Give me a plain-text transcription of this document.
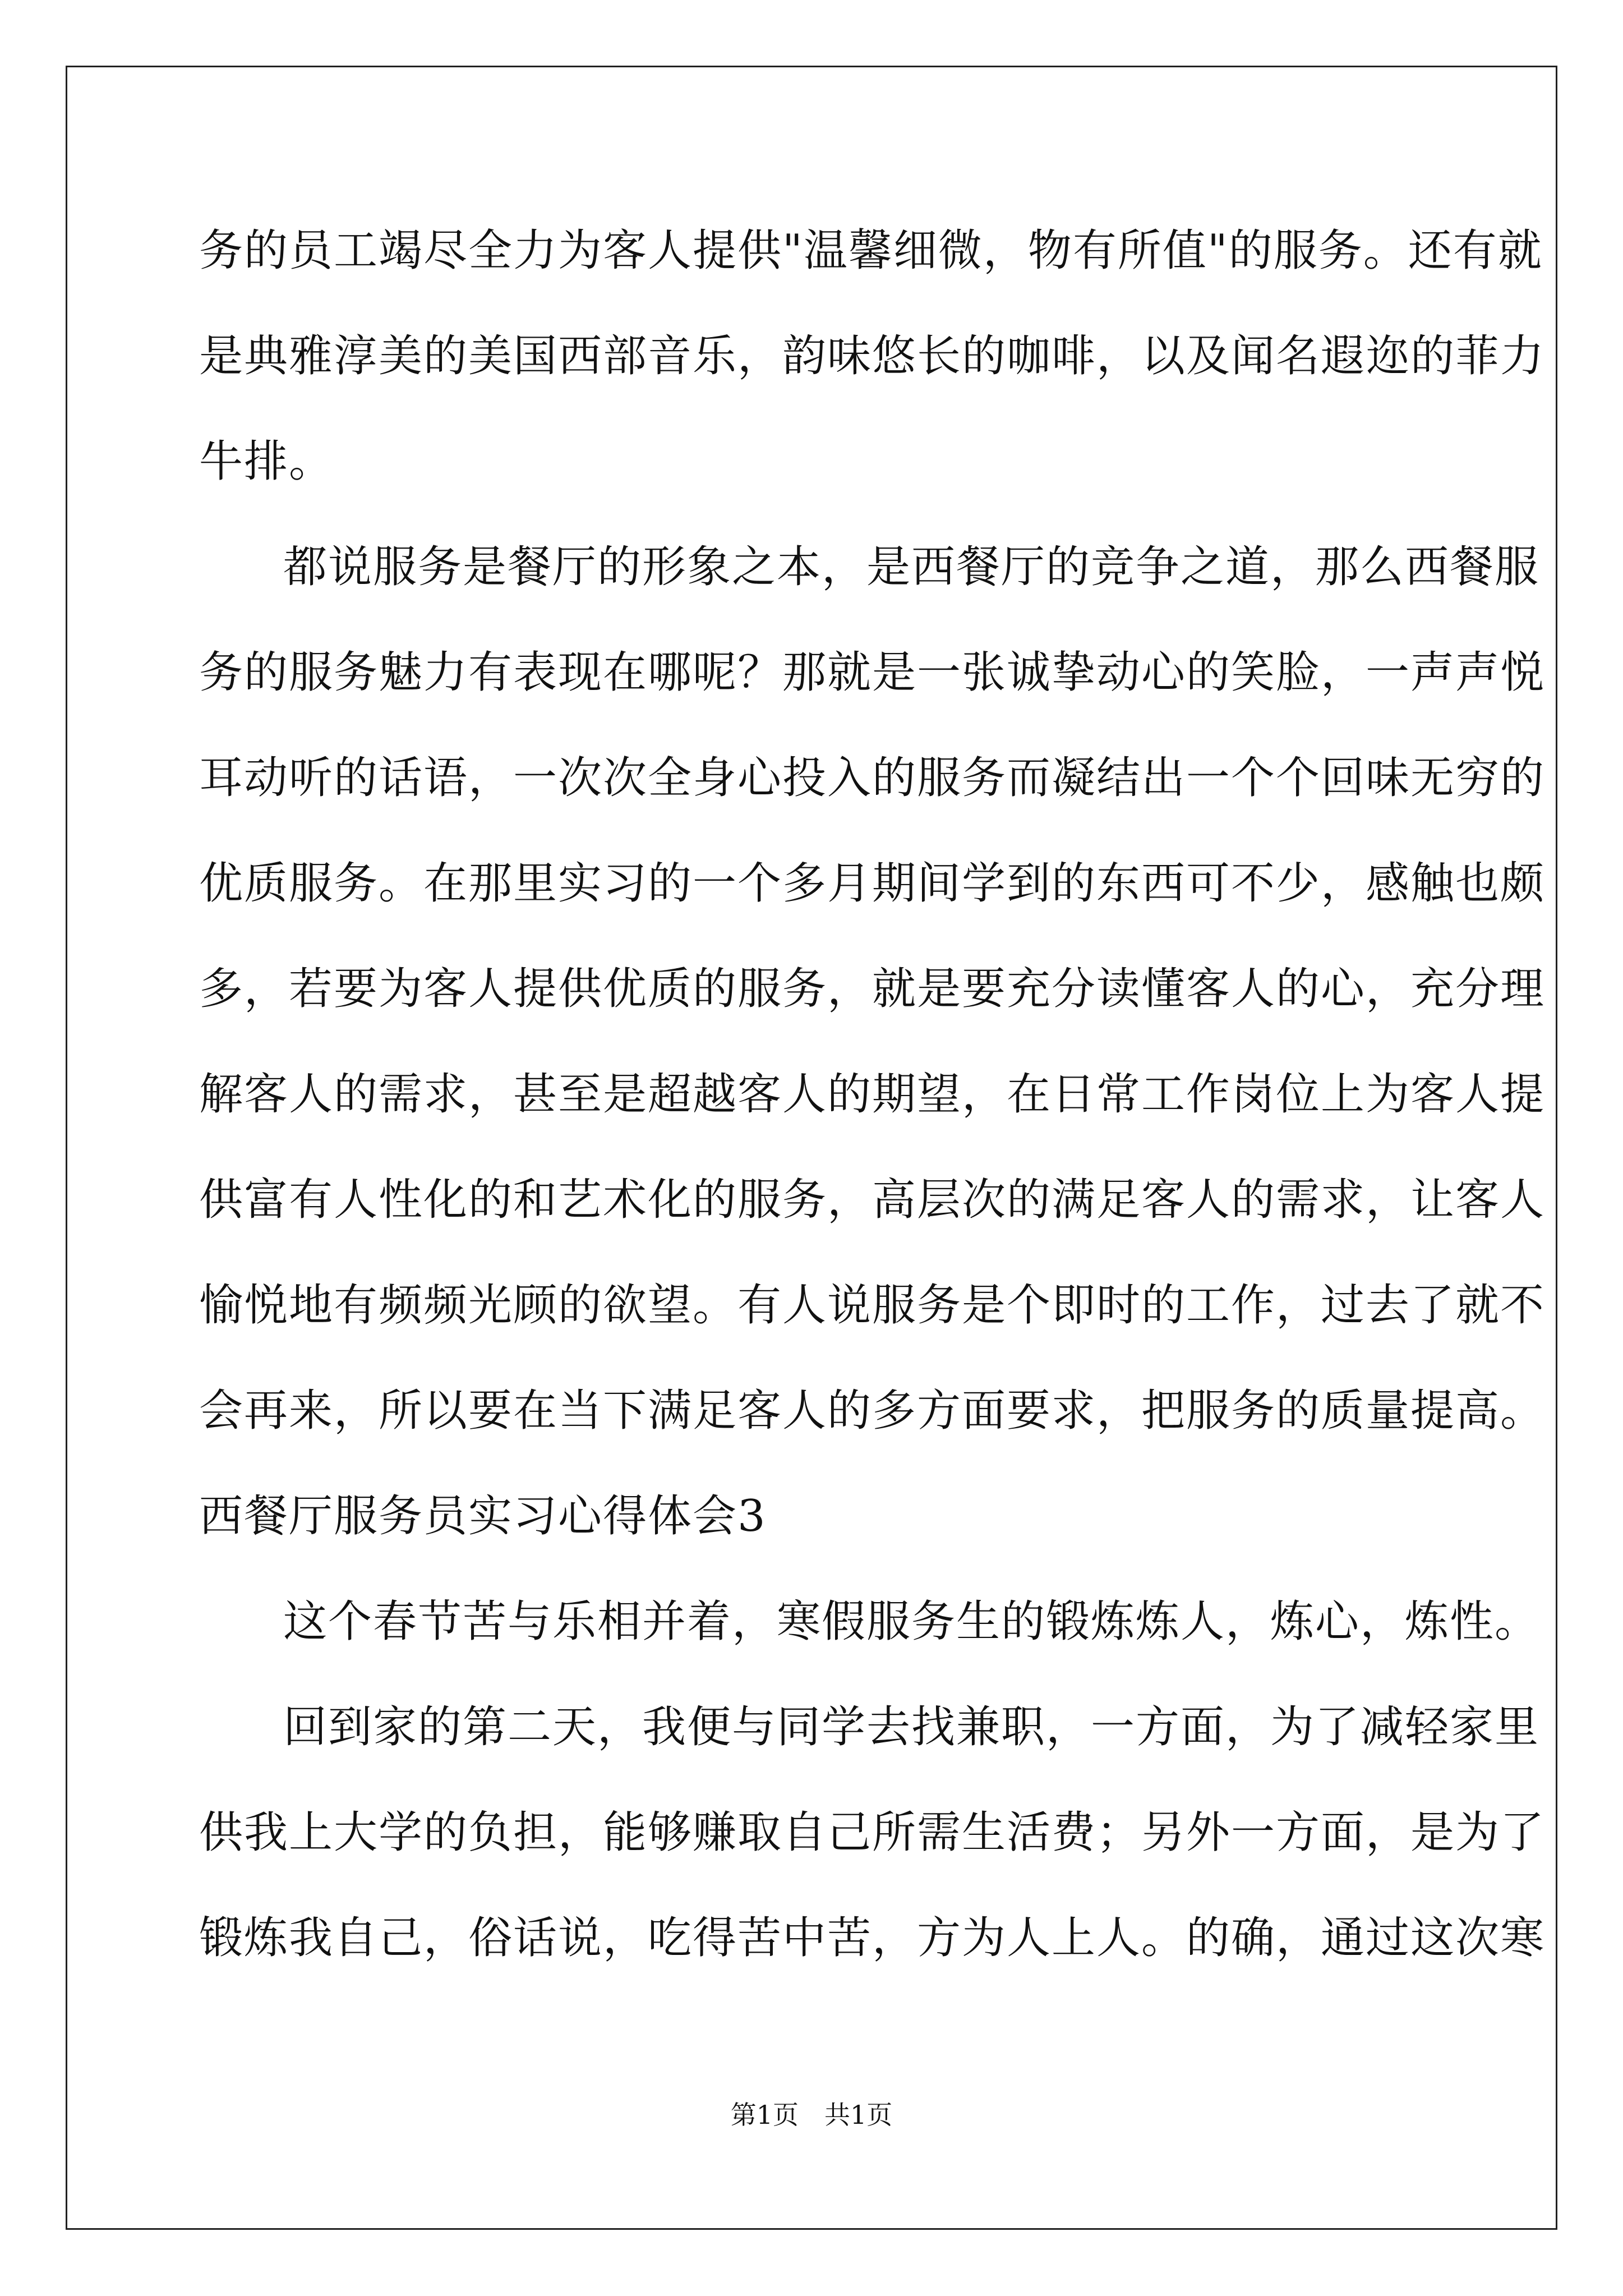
务的员工竭尽全力为客人提供"温馨细微，物有所值"的服务。还有就
是典雅淳美的美国西部音乐，韵味悠长的咖啡，以及闻名遐迩的菲力
牛排。
都说服务是餐厅的形象之本，是西餐厅的竞争之道，那么西餐服
务的服务魅力有表现在哪呢？那就是一张诚挚动心的笑脸，一声声悦
耳动听的话语，一次次全身心投入的服务而凝结出一个个回味无穷的
优质服务。在那里实习的一个多月期间学到的东西可不少，感触也颇
多，若要为客人提供优质的服务，就是要充分读懂客人的心，充分理
解客人的需求，甚至是超越客人的期望，在日常工作岗位上为客人提
供富有人性化的和艺术化的服务，高层次的满足客人的需求，让客人
愉悦地有频频光顾的欲望。有人说服务是个即时的工作，过去了就不
会再来，所以要在当下满足客人的多方面要求，把服务的质量提高。
西餐厅服务员实习心得体会3
这个春节苦与乐相并着，寒假服务生的锻炼炼人，炼心，炼性。
回到家的第二天，我便与同学去找兼职，一方面，为了减轻家里
供我上大学的负担，能够赚取自己所需生活费；另外一方面，是为了
锻炼我自己，俗话说，吃得苦中苦，方为人上人。的确，通过这次寒
第1页　共1页
